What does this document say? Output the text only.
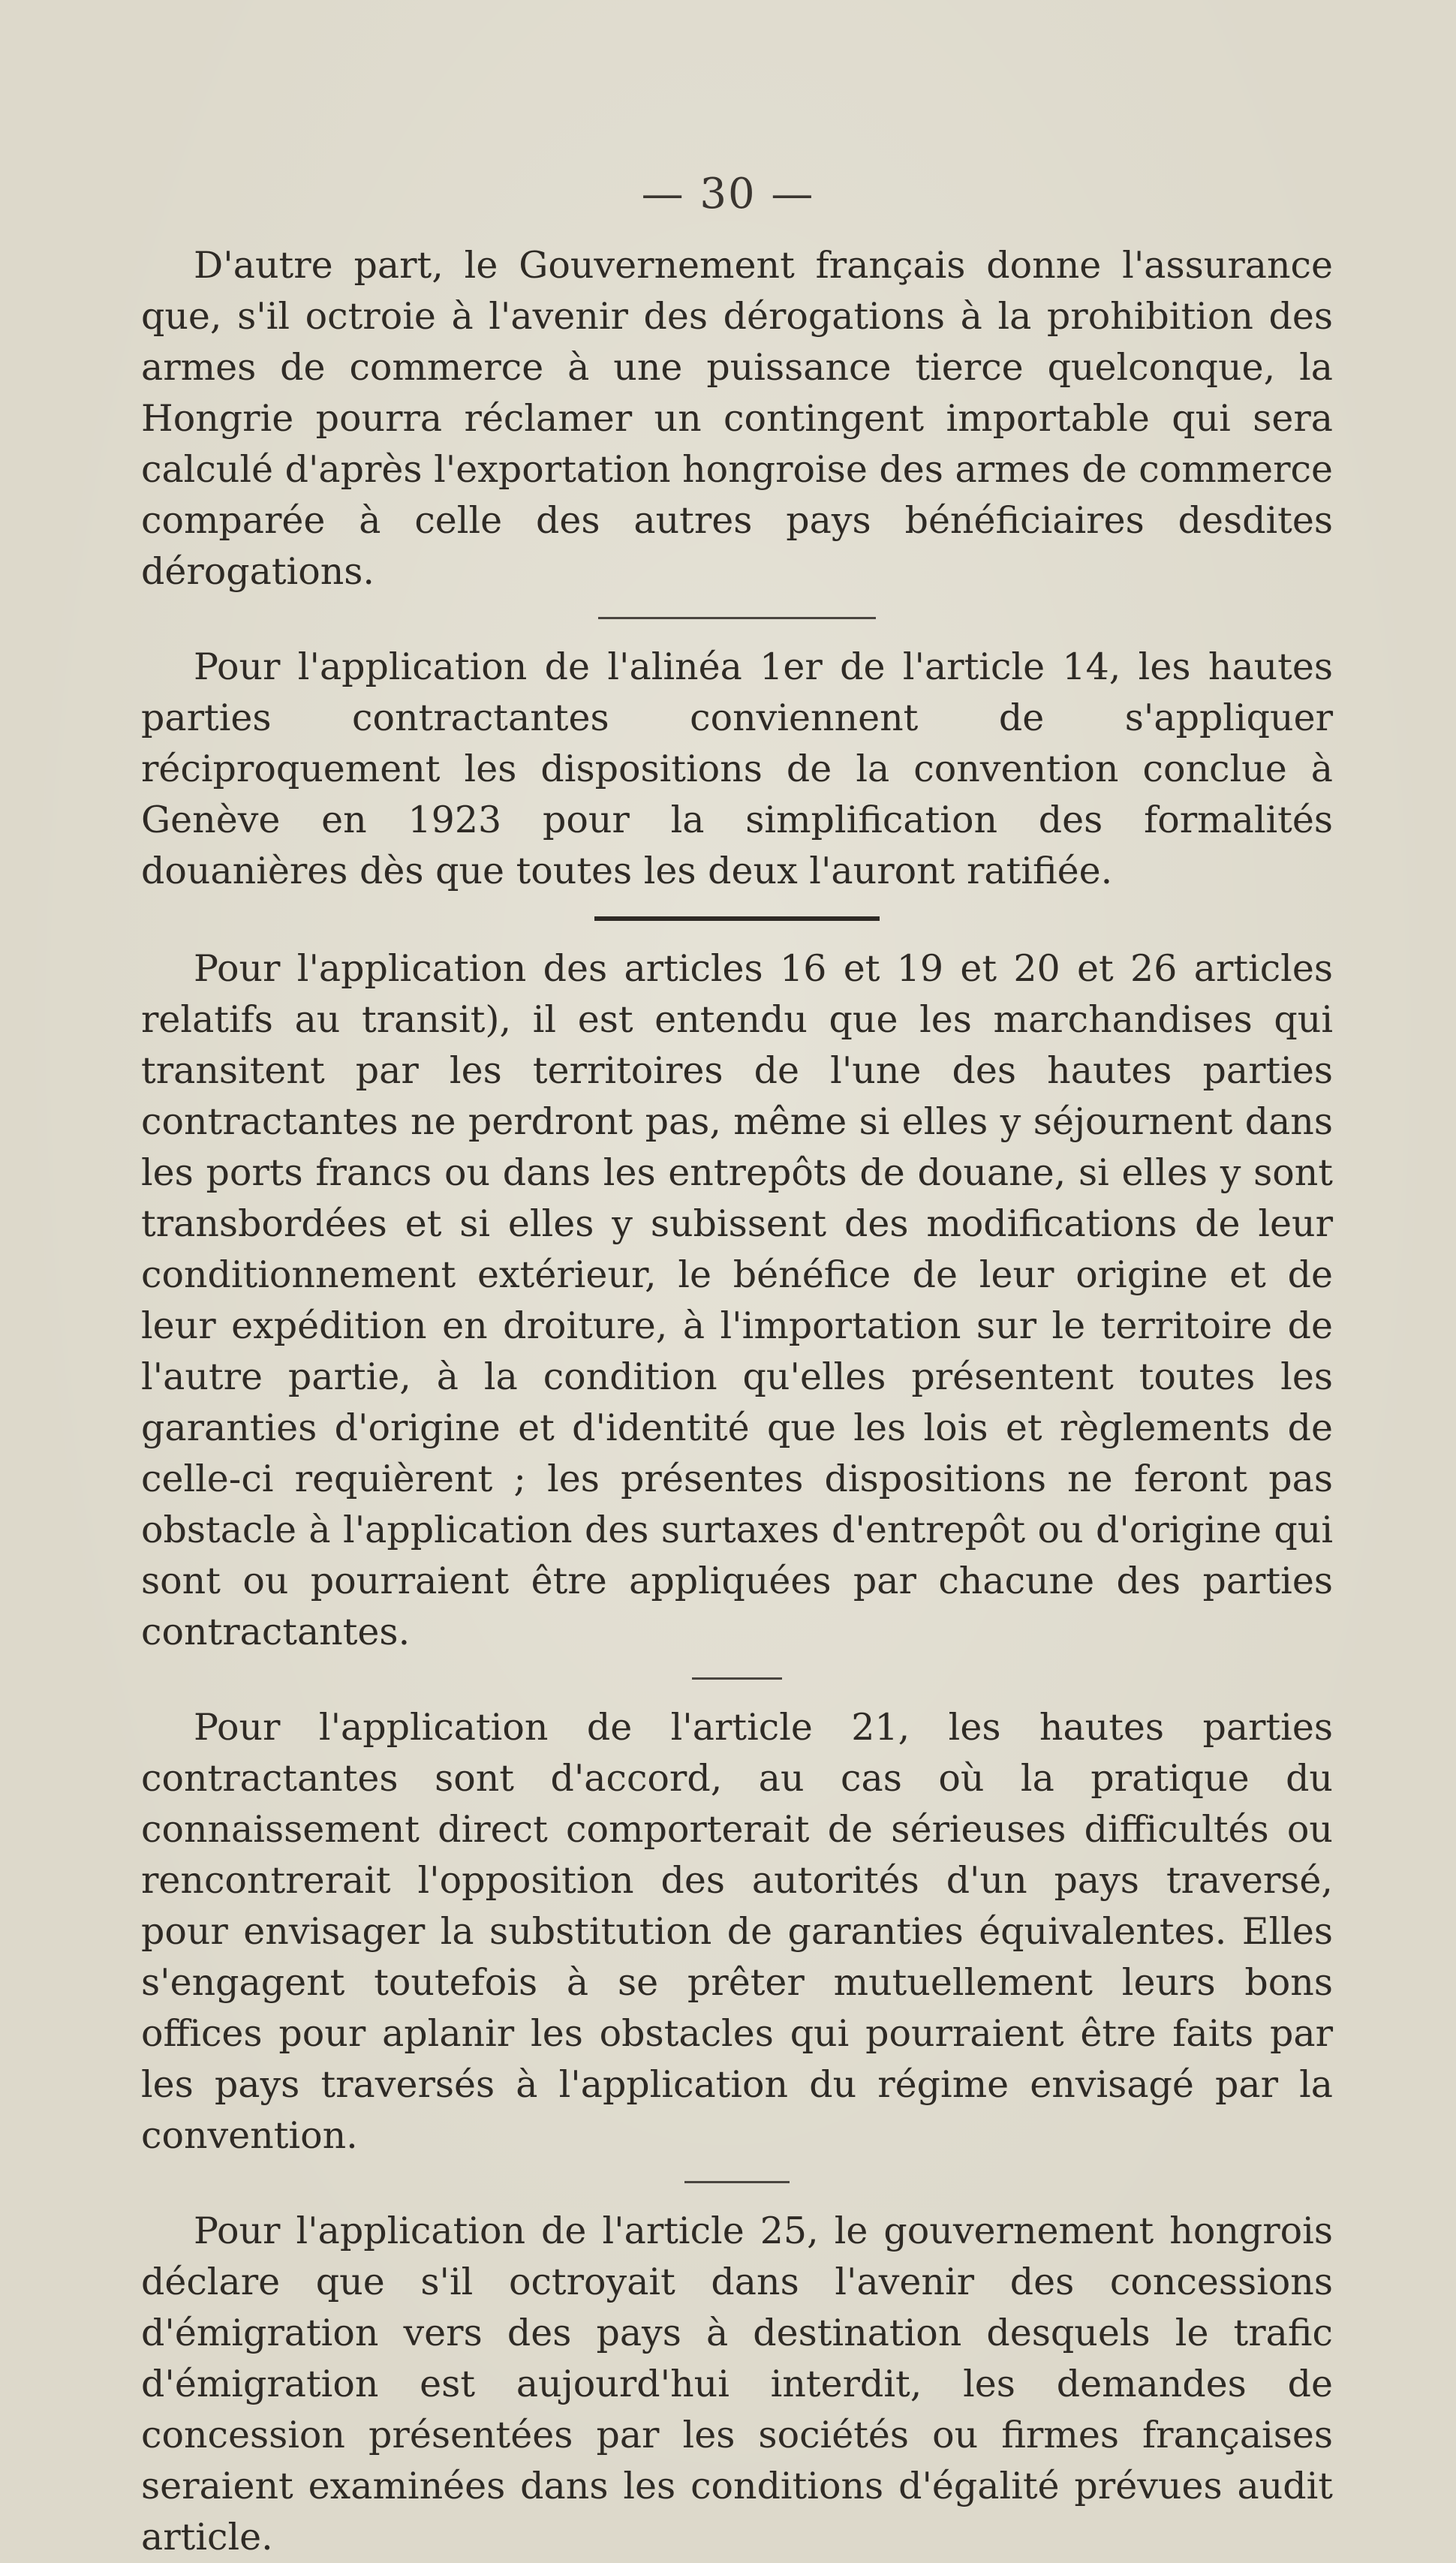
— 30 —

D'autre part, le Gouvernement français donne l'assurance que, s'il octroie à l'avenir des dérogations à la prohibition des armes de commerce à une puissance tierce quelconque, la Hongrie pourra réclamer un contingent importable qui sera calculé d'après l'exportation hongroise des armes de commerce comparée à celle des autres pays bénéficiaires desdites dérogations.

Pour l'application de l'alinéa 1er de l'article 14, les hautes parties contractantes conviennent de s'appliquer réciproquement les dispositions de la convention conclue à Genève en 1923 pour la simplification des formalités douanières dès que toutes les deux l'auront ratifiée.

Pour l'application des articles 16 et 19 et 20 et 26 articles relatifs au transit), il est entendu que les marchandises qui transitent par les territoires de l'une des hautes parties contractantes ne perdront pas, même si elles y séjournent dans les ports francs ou dans les entrepôts de douane, si elles y sont transbordées et si elles y subissent des modifications de leur conditionnement extérieur, le bénéfice de leur origine et de leur expédition en droiture, à l'importation sur le territoire de l'autre partie, à la condition qu'elles présentent toutes les garanties d'origine et d'identité que les lois et règlements de celle-ci requièrent ; les présentes dispositions ne feront pas obstacle à l'application des surtaxes d'entrepôt ou d'origine qui sont ou pourraient être appliquées par chacune des parties contractantes.

Pour l'application de l'article 21, les hautes parties contractantes sont d'accord, au cas où la pratique du connaissement direct comporterait de sérieuses difficultés ou rencontrerait l'opposition des autorités d'un pays traversé, pour envisager la substitution de garanties équivalentes. Elles s'engagent toutefois à se prêter mutuellement leurs bons offices pour aplanir les obstacles qui pourraient être faits par les pays traversés à l'application du régime envisagé par la convention.

Pour l'application de l'article 25, le gouvernement hongrois déclare que s'il octroyait dans l'avenir des concessions d'émigration vers des pays à destination desquels le trafic d'émigration est aujourd'hui interdit, les demandes de concession présentées par les sociétés ou firmes françaises seraient examinées dans les conditions d'égalité prévues audit article.
